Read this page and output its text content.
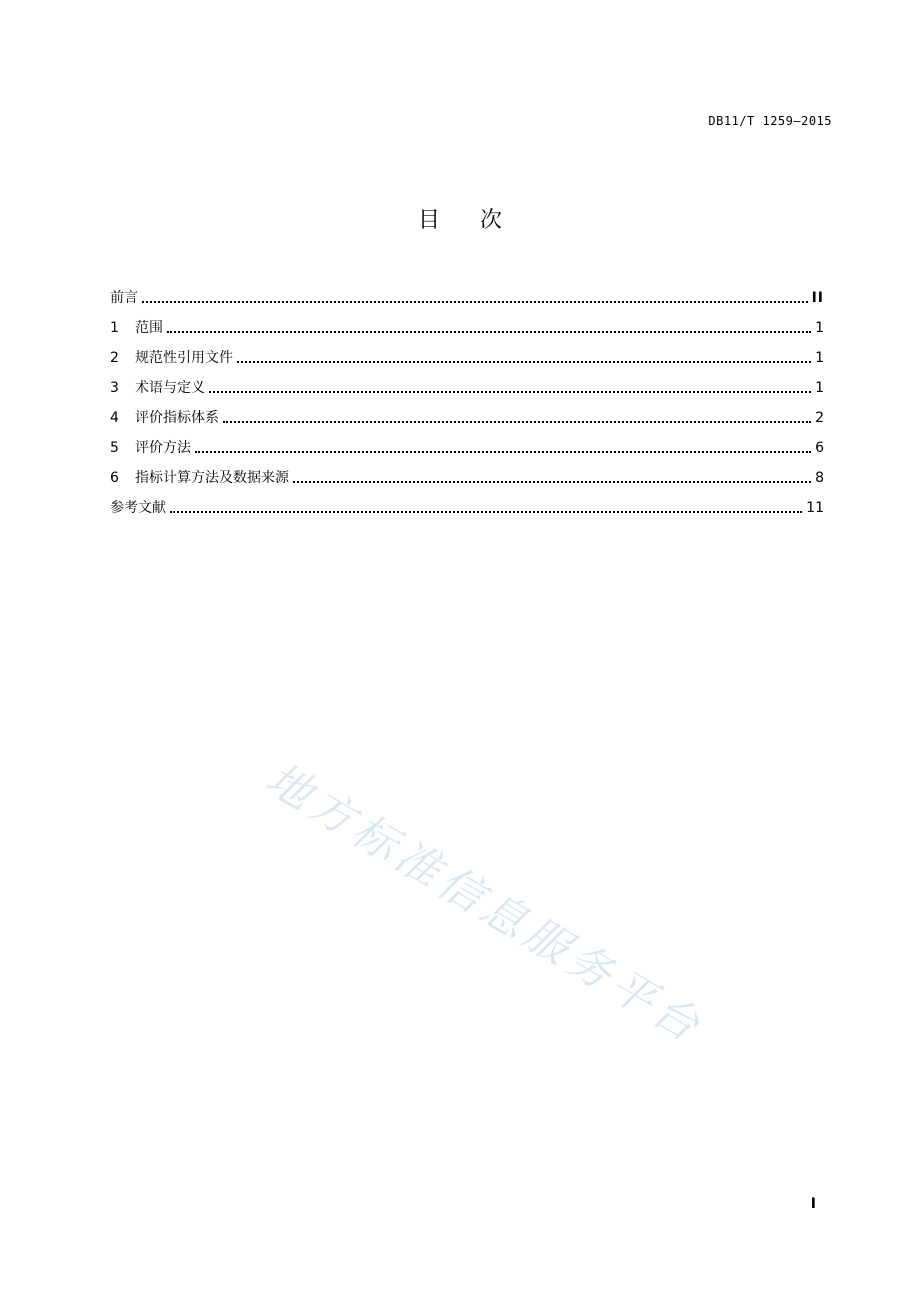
DB11/T 1259—2015
目次
前言	II
1	范围	1
2	规范性引用文件	1
3	术语与定义	1
4	评价指标体系	2
5	评价方法	6
6	指标计算方法及数据来源	8
参考文献	11
地方标准信息服务平台
I
